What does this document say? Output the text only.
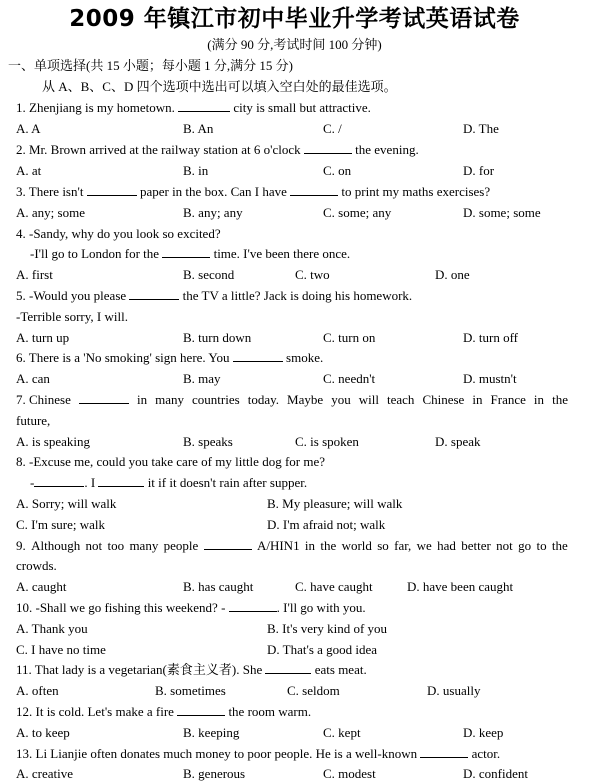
2009 年镇江市初中毕业升学考试英语试卷
(满分 90 分,考试时间 100 分钟)
一、单项选择(共 15 小题；每小题 1 分,满分 15 分)
从 A、B、C、D 四个选项中选出可以填入空白处的最佳选项。
1. Zhenjiang is my hometown.	city is small but attractive.
A. A	B. An	C. /	D. The
2. Mr. Brown arrived at the railway station at 6 o'clock	the evening.
A. at	B. in	C. on	D. for
3. There isn't	paper in the box. Can I have	to print my maths exercises?
A. any; some	B. any; any	C. some; any	D. some; some
4. -Sandy, why do you look so excited?
-I'll go to London for the	time. I've been there once.
A. first	B. second	C. two	D. one
5. -Would you please	the TV a little? Jack is doing his homework.
-Terrible sorry, I will.
A. turn up	B. turn down	C. turn on	D. turn off
6. There is a 'No smoking' sign here. You	smoke.
A. can	B. may	C. needn't	D. mustn't
7. Chinese	in many countries today. Maybe you will teach Chinese in France in the
future,
A. is speaking	B. speaks	C. is spoken	D. speak
8. -Excuse me, could you take care of my little dog for me?
-	. I	it if it doesn't rain after supper.
A. Sorry; will walk	B. My pleasure; will walk
C. I'm sure; walk	D. I'm afraid not; walk
9. Although not too many people	A/HIN1 in the world so far, we had better not go to the
crowds.
A. caught	B. has caught	C. have caught	D. have been caught
10. -Shall we go fishing this weekend? -	. I'll go with you.
A. Thank you	B. It's very kind of you
C. I have no time	D. That's a good idea
11. That lady is a vegetarian(素食主义者). She	eats meat.
A. often	B. sometimes	C. seldom	D. usually
12. It is cold. Let's make a fire	the room warm.
A. to keep	B. keeping	C. kept	D. keep
13. Li Lianjie often donates much money to poor people. He is a well-known	actor.
A. creative	B. generous	C. modest	D. confident
